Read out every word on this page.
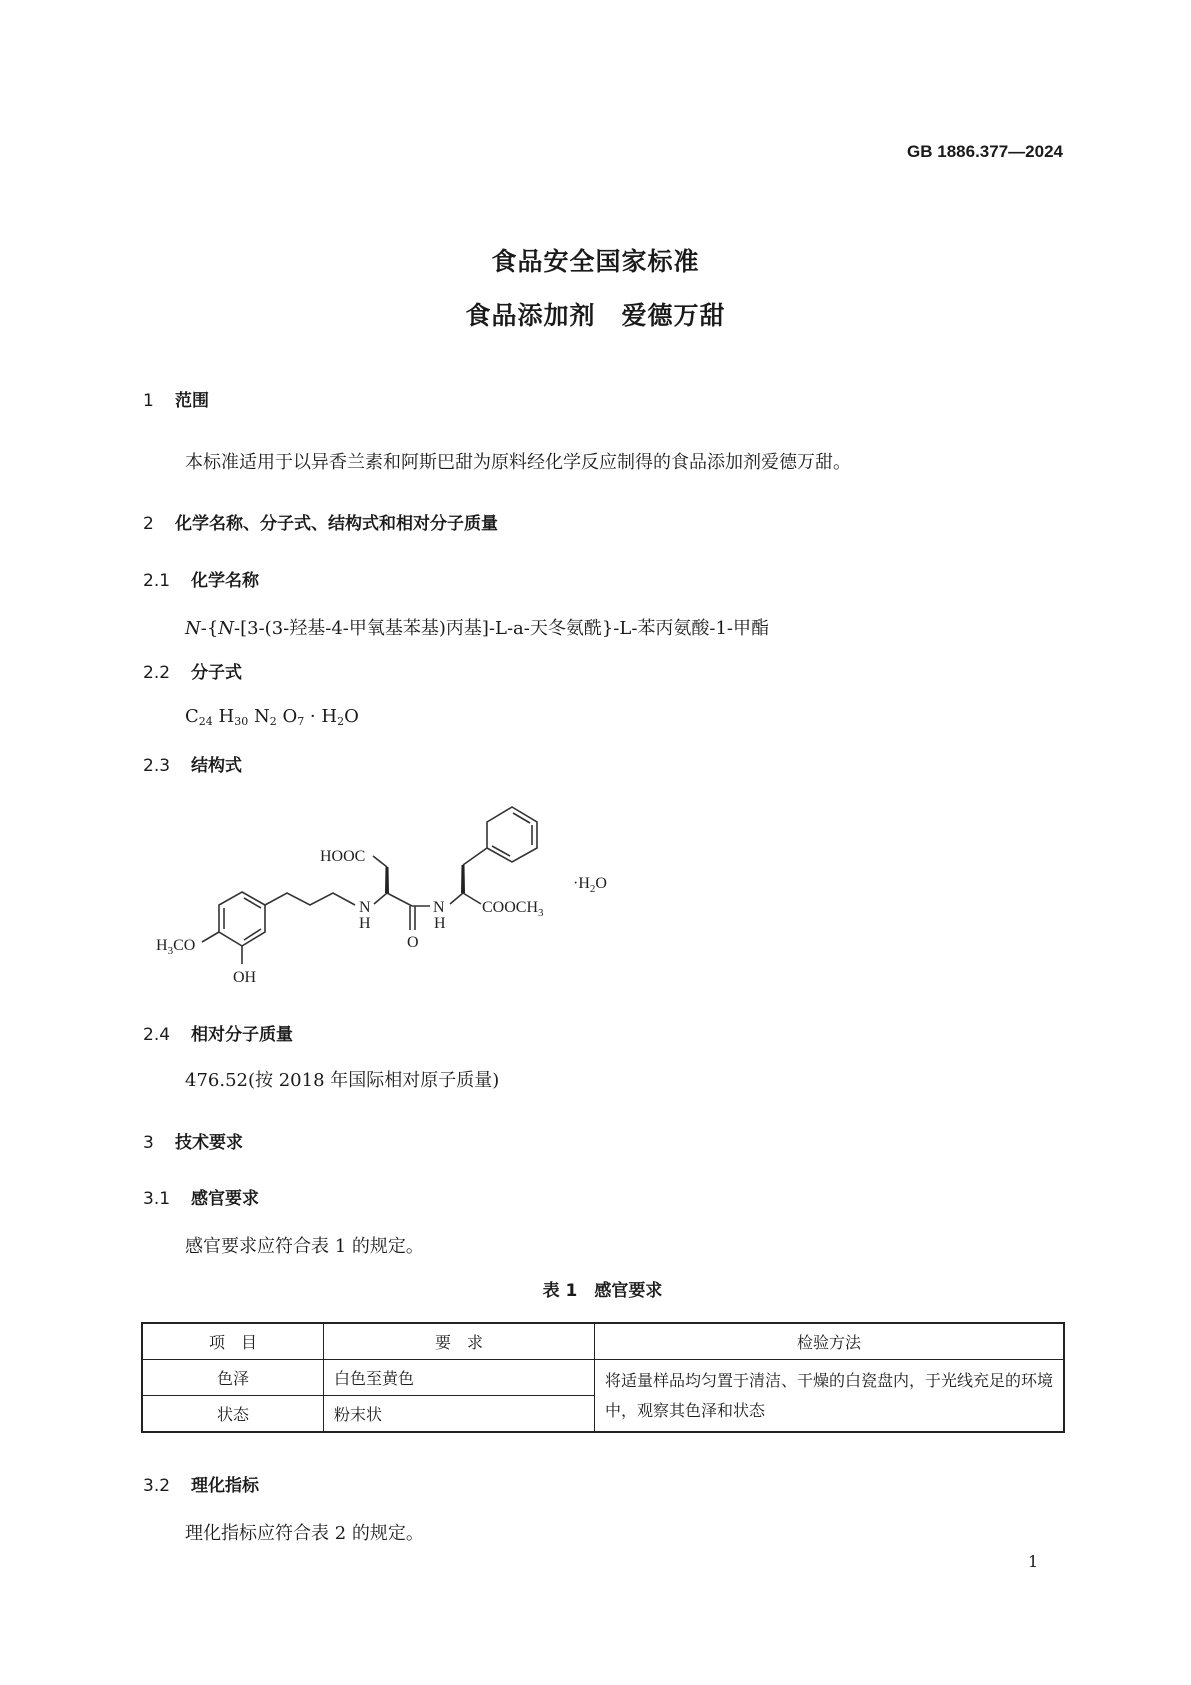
GB 1886.377—2024
食品安全国家标准
食品添加剂　爱德万甜
1 范围
本标准适用于以异香兰素和阿斯巴甜为原料经化学反应制得的食品添加剂爱德万甜。
2 化学名称、分子式、结构式和相对分子质量
2.1 化学名称
N-{N-[3-(3-羟基-4-甲氧基苯基)丙基]-L-a-天冬氨酰}-L-苯丙氨酸-1-甲酯
2.2 分子式
$C_{24}$ $H_{30}$ $N_2$ $O_7 \cdot H_2O$
2.3 结构式
HOOC
N
H
O
N
H
$COOCH_3$
$H_3CO$
OH
$\cdot H_2O$
2.4 相对分子质量
476.52(按 2018 年国际相对原子质量)
3 技术要求
3.1 感官要求
感官要求应符合表 1 的规定。
表 1　感官要求
项　目	要　求	检验方法
色泽	白色至黄色	将适量样品均匀置于清洁、干燥的白瓷盘内，于光线充足的环境中，观察其色泽和状态
状态	粉末状	
3.2 理化指标
理化指标应符合表 2 的规定。
1
